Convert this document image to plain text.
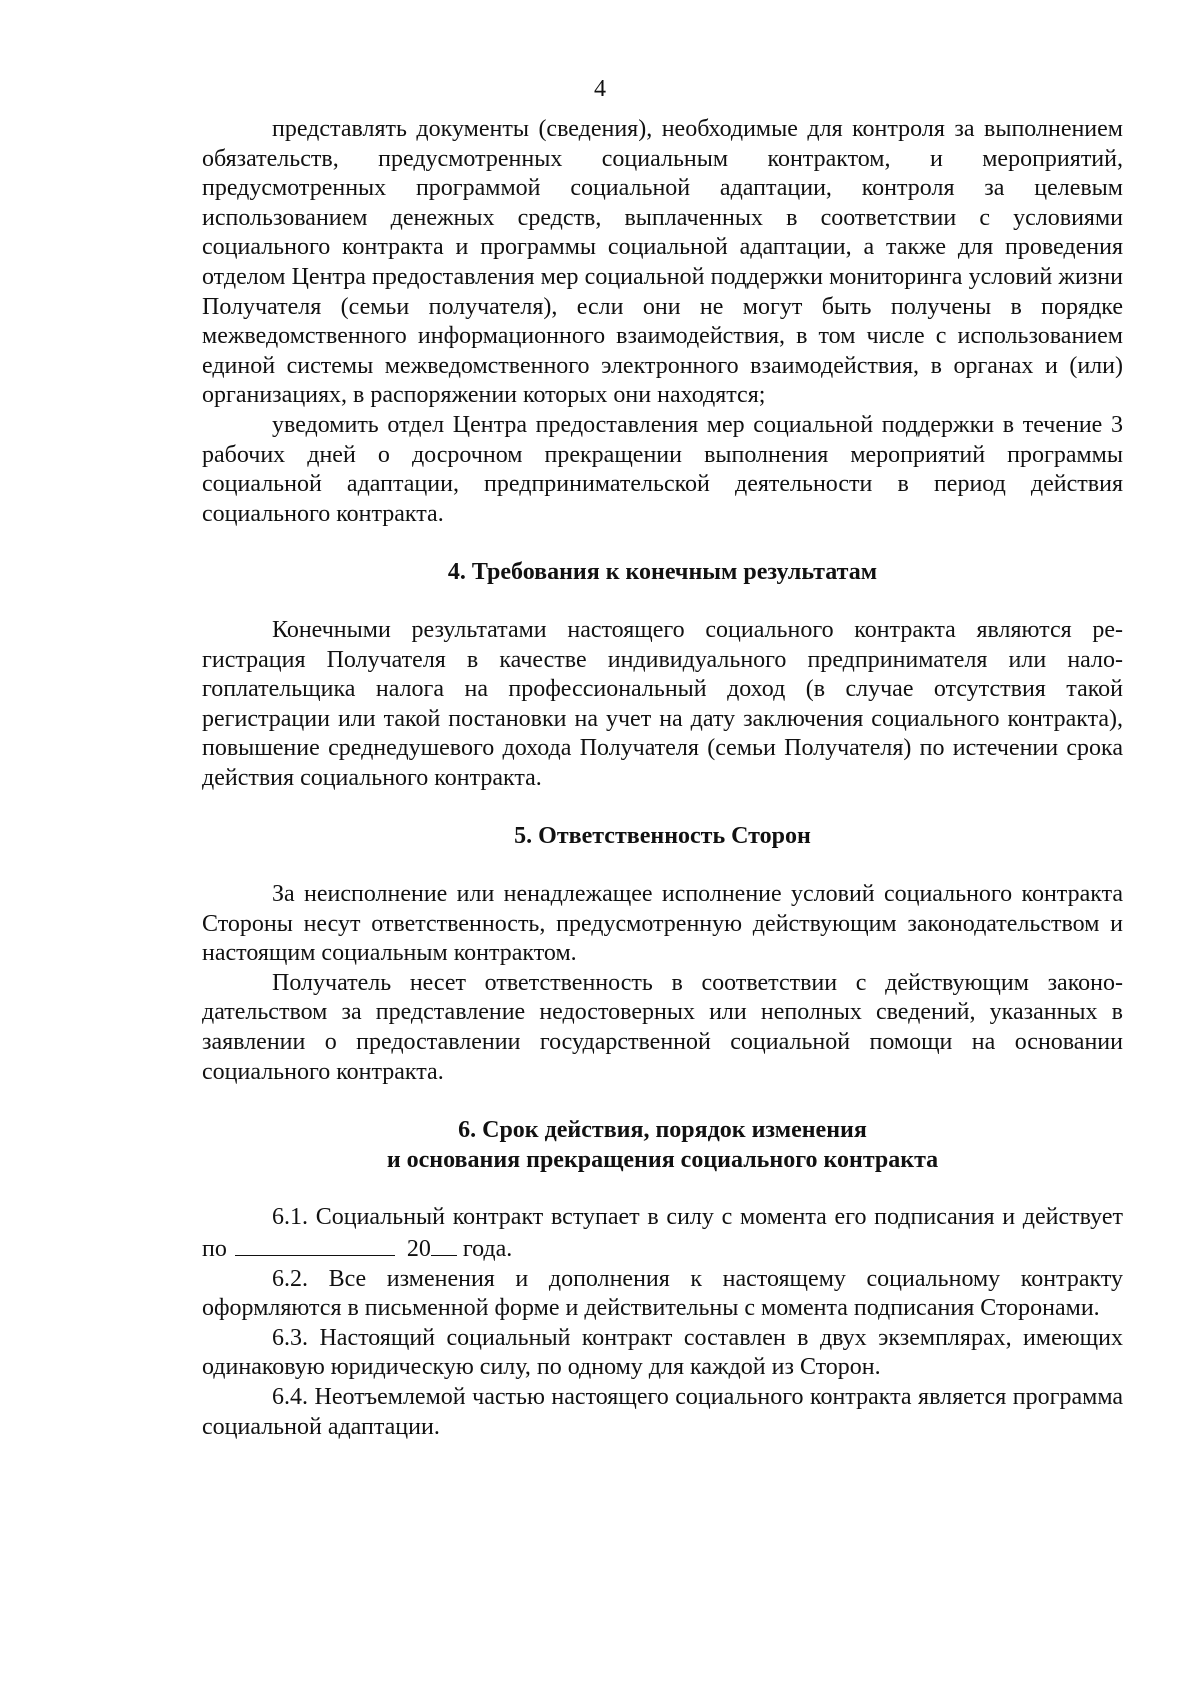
4

представлять документы (сведения), необходимые для контроля за выполнением обязательств, предусмотренных социальным контрактом, и мероприятий, предусмотренных программой социальной адаптации, контроля за целевым использованием денежных средств, выплаченных в соответствии с условиями социального контракта и программы социальной адаптации, а также для проведения отделом Центра предоставления мер социальной поддержки мониторинга условий жизни Получателя (семьи получателя), если они не могут быть получены в порядке межведомственного информационного взаимодействия, в том числе с использованием единой системы межведомственного электронного взаимодействия, в органах и (или) организациях, в распоряжении которых они находятся;

уведомить отдел Центра предоставления мер социальной поддержки в течение 3 рабочих дней о досрочном прекращении выполнения мероприятий программы социальной адаптации, предпринимательской деятельности в период действия социального контракта.

4. Требования к конечным результатам

Конечными результатами настоящего социального контракта являются регистрация Получателя в качестве индивидуального предпринимателя или налогоплательщика налога на профессиональный доход (в случае отсутствия такой регистрации или такой постановки на учет на дату заключения социального контракта), повышение среднедушевого дохода Получателя (семьи Получателя) по истечении срока действия социального контракта.

5. Ответственность Сторон

За неисполнение или ненадлежащее исполнение условий социального контракта Стороны несут ответственность, предусмотренную действующим законодательством и настоящим социальным контрактом.

Получатель несет ответственность в соответствии с действующим законодательством за представление недостоверных или неполных сведений, указанных в заявлении о предоставлении государственной социальной помощи на основании социального контракта.

6. Срок действия, порядок изменения

и основания прекращения социального контракта

6.1. Социальный контракт вступает в силу с момента его подписания и действует по	20 года.

6.2. Все изменения и дополнения к настоящему социальному контракту оформляются в письменной форме и действительны с момента подписания Сторонами.

6.3. Настоящий социальный контракт составлен в двух экземплярах, имеющих одинаковую юридическую силу, по одному для каждой из Сторон.

6.4. Неотъемлемой частью настоящего социального контракта является программа социальной адаптации.
